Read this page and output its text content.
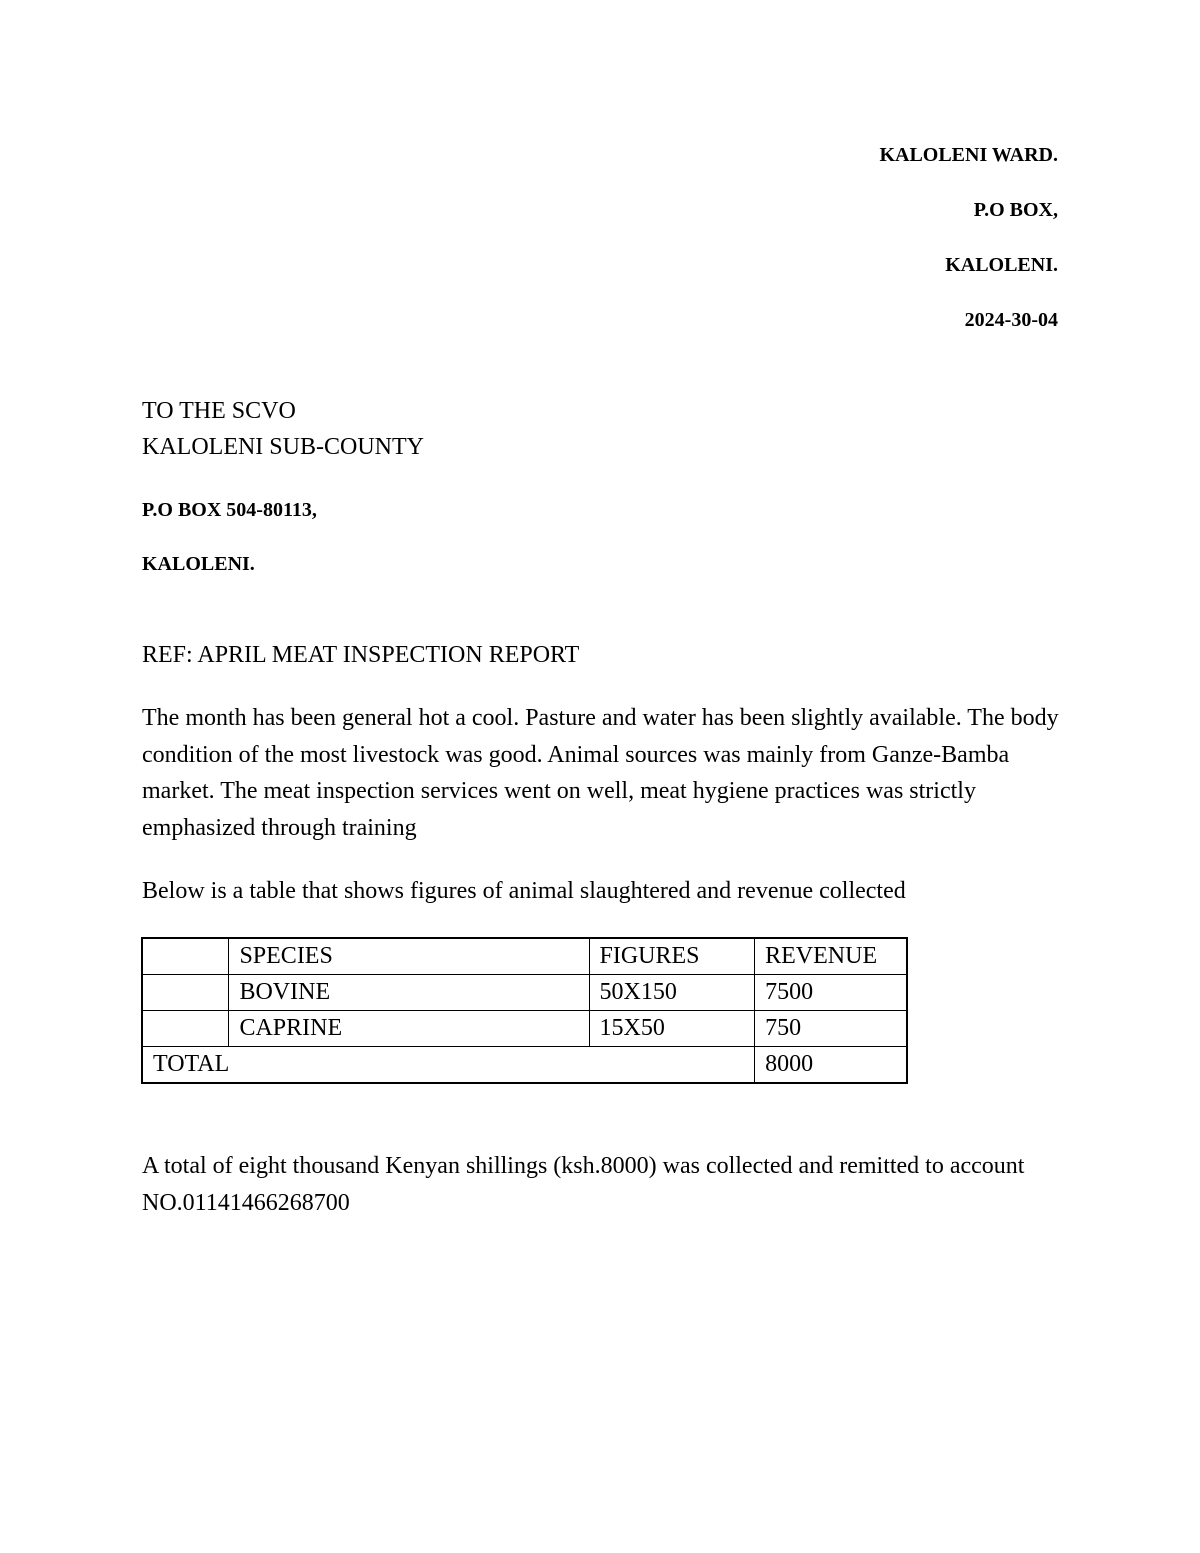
KALOLENI WARD.
P.O BOX,
KALOLENI.
2024-30-04
TO THE SCVO
KALOLENI SUB-COUNTY
P.O BOX 504-80113,
KALOLENI.
REF: APRIL MEAT INSPECTION REPORT
The month has been general hot a cool. Pasture and water has been slightly available. The body condition of the most livestock was good. Animal sources was mainly from Ganze-Bamba market. The meat inspection services went on well, meat hygiene practices was strictly emphasized through training
Below is a table that shows figures of animal slaughtered and revenue collected
	SPECIES	FIGURES	REVENUE
	BOVINE	50X150	7500
	CAPRINE	15X50	750
TOTAL			8000
A total of eight thousand Kenyan shillings (ksh.8000) was collected and remitted to account NO.01141466268700
